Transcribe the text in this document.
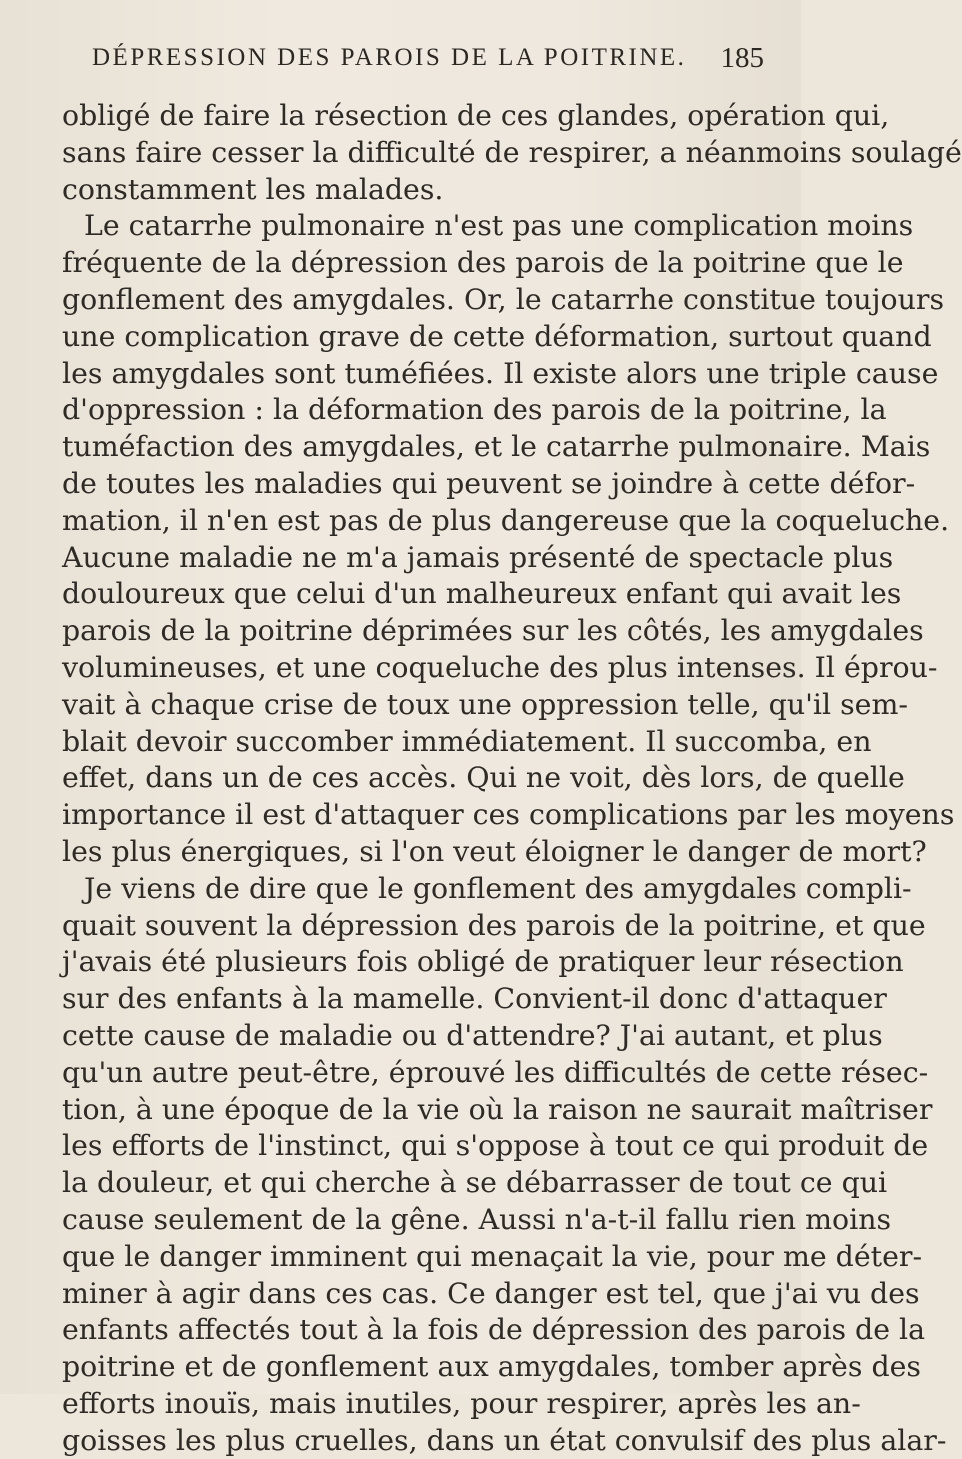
DÉPRESSION DES PAROIS DE LA POITRINE. 185
obligé de faire la résection de ces glandes, opération qui,
sans faire cesser la difficulté de respirer, a néanmoins soulagé
constamment les malades.
Le catarrhe pulmonaire n'est pas une complication moins
fréquente de la dépression des parois de la poitrine que le
gonflement des amygdales. Or, le catarrhe constitue toujours
une complication grave de cette déformation, surtout quand
les amygdales sont tuméfiées. Il existe alors une triple cause
d'oppression : la déformation des parois de la poitrine, la
tuméfaction des amygdales, et le catarrhe pulmonaire. Mais
de toutes les maladies qui peuvent se joindre à cette défor-
mation, il n'en est pas de plus dangereuse que la coqueluche.
Aucune maladie ne m'a jamais présenté de spectacle plus
douloureux que celui d'un malheureux enfant qui avait les
parois de la poitrine déprimées sur les côtés, les amygdales
volumineuses, et une coqueluche des plus intenses. Il éprou-
vait à chaque crise de toux une oppression telle, qu'il sem-
blait devoir succomber immédiatement. Il succomba, en
effet, dans un de ces accès. Qui ne voit, dès lors, de quelle
importance il est d'attaquer ces complications par les moyens
les plus énergiques, si l'on veut éloigner le danger de mort?
Je viens de dire que le gonflement des amygdales compli-
quait souvent la dépression des parois de la poitrine, et que
j'avais été plusieurs fois obligé de pratiquer leur résection
sur des enfants à la mamelle. Convient-il donc d'attaquer
cette cause de maladie ou d'attendre? J'ai autant, et plus
qu'un autre peut-être, éprouvé les difficultés de cette résec-
tion, à une époque de la vie où la raison ne saurait maîtriser
les efforts de l'instinct, qui s'oppose à tout ce qui produit de
la douleur, et qui cherche à se débarrasser de tout ce qui
cause seulement de la gêne. Aussi n'a-t-il fallu rien moins
que le danger imminent qui menaçait la vie, pour me déter-
miner à agir dans ces cas. Ce danger est tel, que j'ai vu des
enfants affectés tout à la fois de dépression des parois de la
poitrine et de gonflement aux amygdales, tomber après des
efforts inouïs, mais inutiles, pour respirer, après les an-
goisses les plus cruelles, dans un état convulsif des plus alar-
